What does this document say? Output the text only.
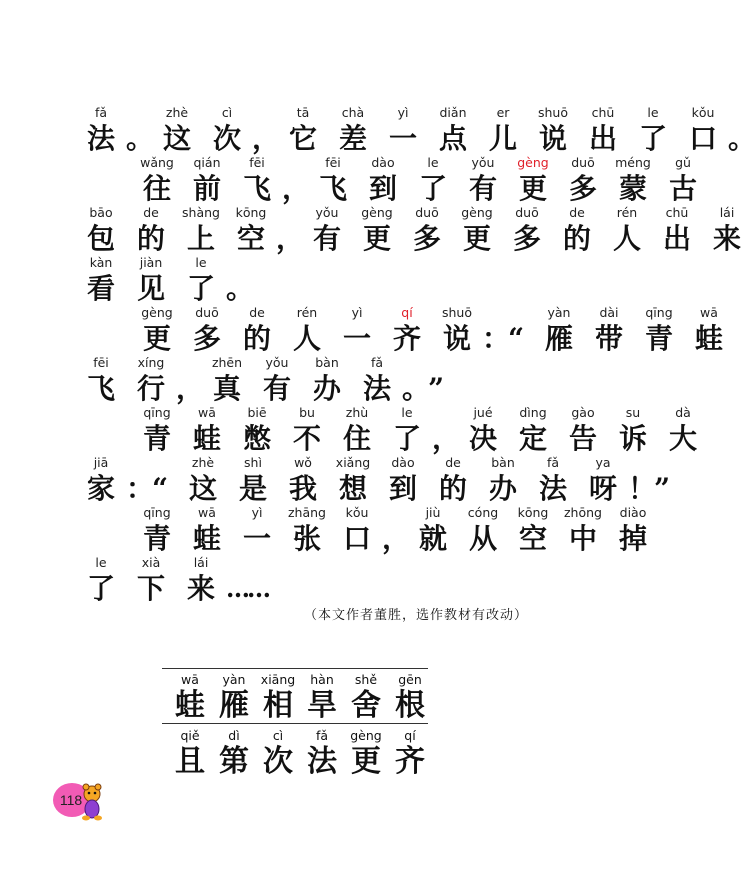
fǎ
法 。
zhè
这
cì
次 ，
tā
它
chà
差
yì
一
diǎn
点
er
儿
shuō
说
chū
出
le
了
kǒu
口 。
wǎng
往
qián
前
fēi
飞 ，
fēi
飞
dào
到
le
了
yǒu
有
gèng
更
duō
多
méng
蒙
gǔ
古
bāo
包
de
的
shàng
上
kōng
空 ，
yǒu
有
gèng
更
duō
多
gèng
更
duō
多
de
的
rén
人
chū
出
lái
来
kàn
看
jiàn
见
le
了 。
gèng
更
duō
多
de
的
rén
人
yì
一
qí
齐
shuō
说 ：
“
yàn
雁
dài
带
qīng
青
wā
蛙
fēi
飞
xíng
行 ，
zhēn
真
yǒu
有
bàn
办
fǎ
法 。
”
qīng
青
wā
蛙
biē
憋
bu
不
zhù
住
le
了 ，
jué
决
dìng
定
gào
告
su
诉
dà
大
jiā
家 ：
“
zhè
这
shì
是
wǒ
我
xiǎng
想
dào
到
de
的
bàn
办
fǎ
法
ya
呀 ！
”
qīng
青
wā
蛙
yì
一
zhāng
张
kǒu
口 ，
jiù
就
cóng
从
kōng
空
zhōng
中
diào
掉
le
了
xià
下
lái
来 ……
（本文作者董胜，选作教材有改动）
wā
蛙
yàn
雁
xiāng
相
hàn
旱
shě
舍
gēn
根
qiě
且
dì
第
cì
次
fǎ
法
gèng
更
qí
齐
118
